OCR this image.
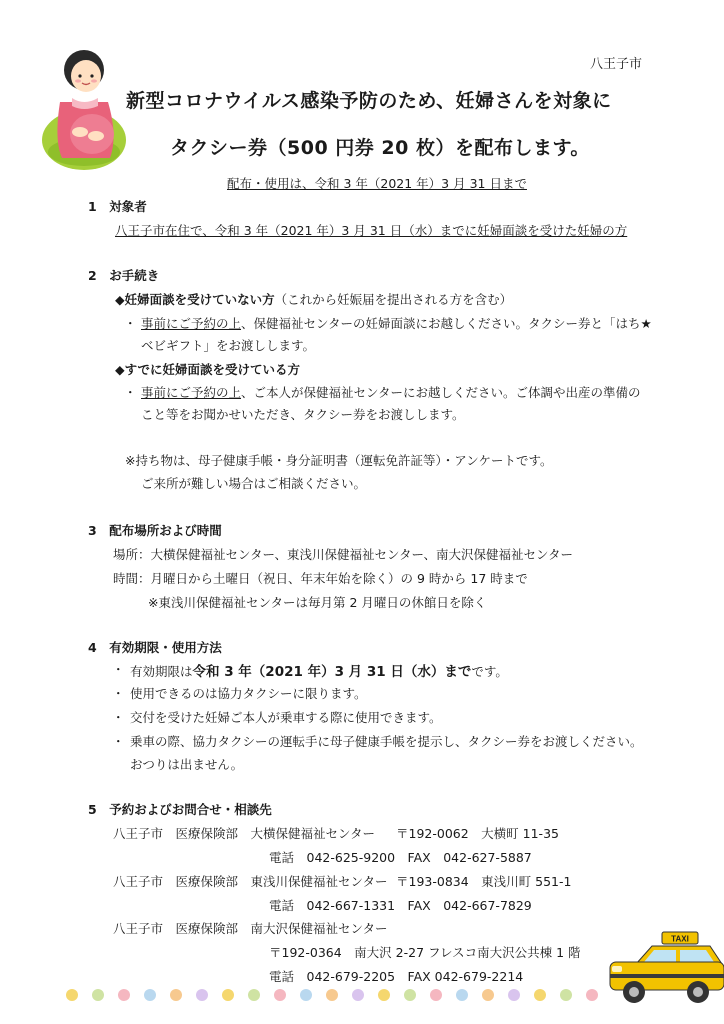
八王子市
新型コロナウイルス感染予防のため、妊婦さんを対象に
タクシー券（500 円券 20 枚）を配布します。
配布・使用は、令和 3 年（2021 年）3 月 31 日まで
1　対象者
八王子市在住で、令和 3 年（2021 年）3 月 31 日（水）までに妊婦面談を受けた妊婦の方
2　お手続き
◆妊婦面談を受けていない方（これから妊娠届を提出される方を含む）
・ 事前にご予約の上、保健福祉センターの妊婦面談にお越しください。タクシー券と「はち★
ベビギフト」をお渡しします。
◆すでに妊婦面談を受けている方
・ 事前にご予約の上、ご本人が保健福祉センターにお越しください。ご体調や出産の準備の
こと等をお聞かせいただき、タクシー券をお渡しします。
※持ち物は、母子健康手帳・身分証明書（運転免許証等）・アンケートです。
ご来所が難しい場合はご相談ください。
3　配布場所および時間
場所：大横保健福祉センター、東浅川保健福祉センター、南大沢保健福祉センター
時間：月曜日から土曜日（祝日、年末年始を除く）の 9 時から 17 時まで
※東浅川保健福祉センターは毎月第 2 月曜日の休館日を除く
4　有効期限・使用方法
・ 有効期限は令和 3 年（2021 年）3 月 31 日（水）までです。
・ 使用できるのは協力タクシーに限ります。
・ 交付を受けた妊婦ご本人が乗車する際に使用できます。
・ 乗車の際、協力タクシーの運転手に母子健康手帳を提示し、タクシー券をお渡しください。
おつりは出ません。
5　予約およびお問合せ・相談先
八王子市　医療保険部　大横保健福祉センター 〒192-0062　大横町 11-35
電話　042-625-9200　FAX　042-627-5887
八王子市　医療保険部　東浅川保健福祉センター 〒193-0834　東浅川町 551-1
電話　042-667-1331　FAX　042-667-7829
八王子市　医療保険部　南大沢保健福祉センター
〒192-0364　南大沢 2-27 フレスコ南大沢公共棟 1 階
電話　042-679-2205　FAX 042-679-2214
TAXI
